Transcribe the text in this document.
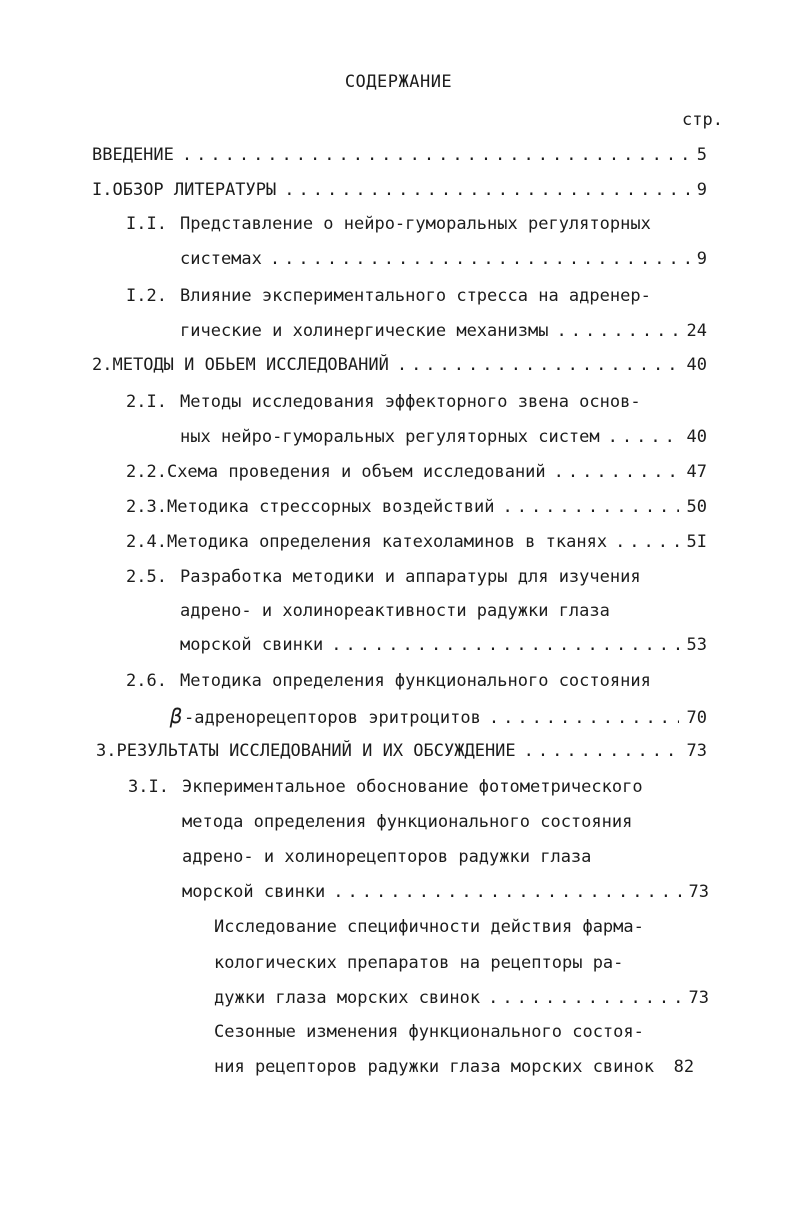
СОДЕРЖАНИЕ
стр.
ВВЕДЕНИЕ .....	5
I. ОБЗОР ЛИТЕРАТУРЫ .....	9
I.I. Представление о нейро-гуморальных регуляторных
системах .....	9
I.2. Влияние экспериментального стресса на адренер-
гические и холинергические механизмы .....	24
2. МЕТОДЫ И ОБЬЕМ ИССЛЕДОВАНИЙ .....	40
2.I. Методы исследования эффекторного звена основ-
ных нейро-гуморальных регуляторных систем .....	40
2.2. Схема проведения и объем исследований .....	47
2.3. Методика стрессорных воздействий .....	50
2.4. Методика определения катехоламинов в тканях .....	5I
2.5. Разработка методики и аппаратуры для изучения
адрено- и холинореактивности радужки глаза
морской свинки .....	53
2.6. Методика определения функционального состояния
β -адренорецепторов эритроцитов .....	70
3. РЕЗУЛЬТАТЫ ИССЛЕДОВАНИЙ И ИХ ОБСУЖДЕНИЕ .....	73
3.I. Экпериментальное обоснование фотометрического
метода определения функционального состояния
адрено- и холинорецепторов радужки глаза
морской свинки .....	73
Исследование специфичности действия фарма-
кологических препаратов на рецепторы ра-
дужки глаза морских свинок .....	73
Сезонные изменения функционального состоя-
ния рецепторов радужки глаза морских свинок	82
